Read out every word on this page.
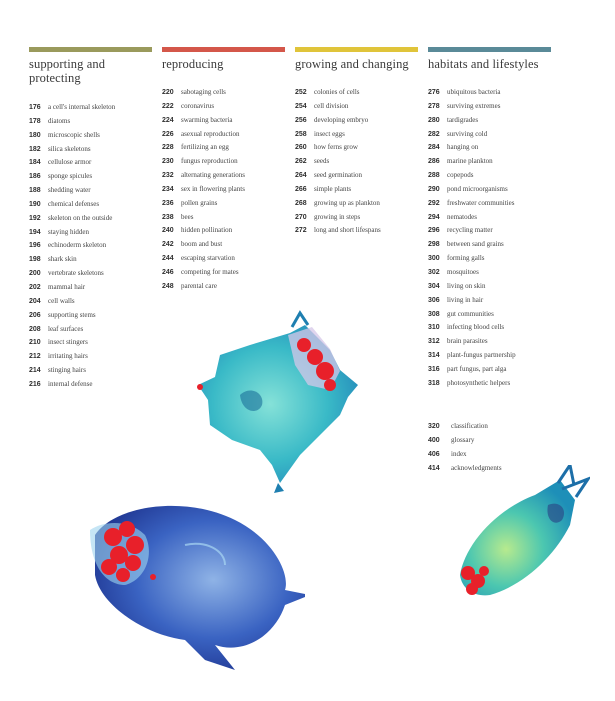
supporting and protecting
reproducing	growing and changing habitats and lifestyles
176 a cell's internal skeleton
178 diatoms
180 microscopic shells
182 silica skeletons
184 cellulose armor
186 sponge spicules
188 shedding water
190 chemical defenses
192 skeleton on the outside
194 staying hidden
196 echinoderm skeleton
198 shark skin
200 vertebrate skeletons
202 mammal hair
204 cell walls
206 supporting stems
208 leaf surfaces
210 insect stingers
212 irritating hairs
214 stinging hairs
216 internal defense
220 sabotaging cells
222 coronavirus
224 swarming bacteria
226 asexual reproduction
228 fertilizing an egg
230 fungus reproduction
232 alternating generations
234 sex in flowering plants
236 pollen grains
238 bees
240 hidden pollination
242 boom and bust
244 escaping starvation
246 competing for mates
248 parental care
252 colonies of cells
254 cell division
256 developing embryo
258 insect eggs
260 how ferns grow
262 seeds
264 seed germination
266 simple plants
268 growing up as plankton
270 growing in steps
272 long and short lifespans
276 ubiquitous bacteria
278 surviving extremes
280 tardigrades
282 surviving cold
284 hanging on
286 marine plankton
288 copepods
290 pond microorganisms
292 freshwater communities
294 nematodes
296 recycling matter
298 between sand grains
300 forming galls
302 mosquitoes
304 living on skin
306 living in hair
308 gut communities
310 infecting blood cells
312 brain parasites
314 plant-fungus partnership
316 part fungus, part alga
318 photosynthetic helpers
320 classification
400 glossary
406 index
414 acknowledgments
